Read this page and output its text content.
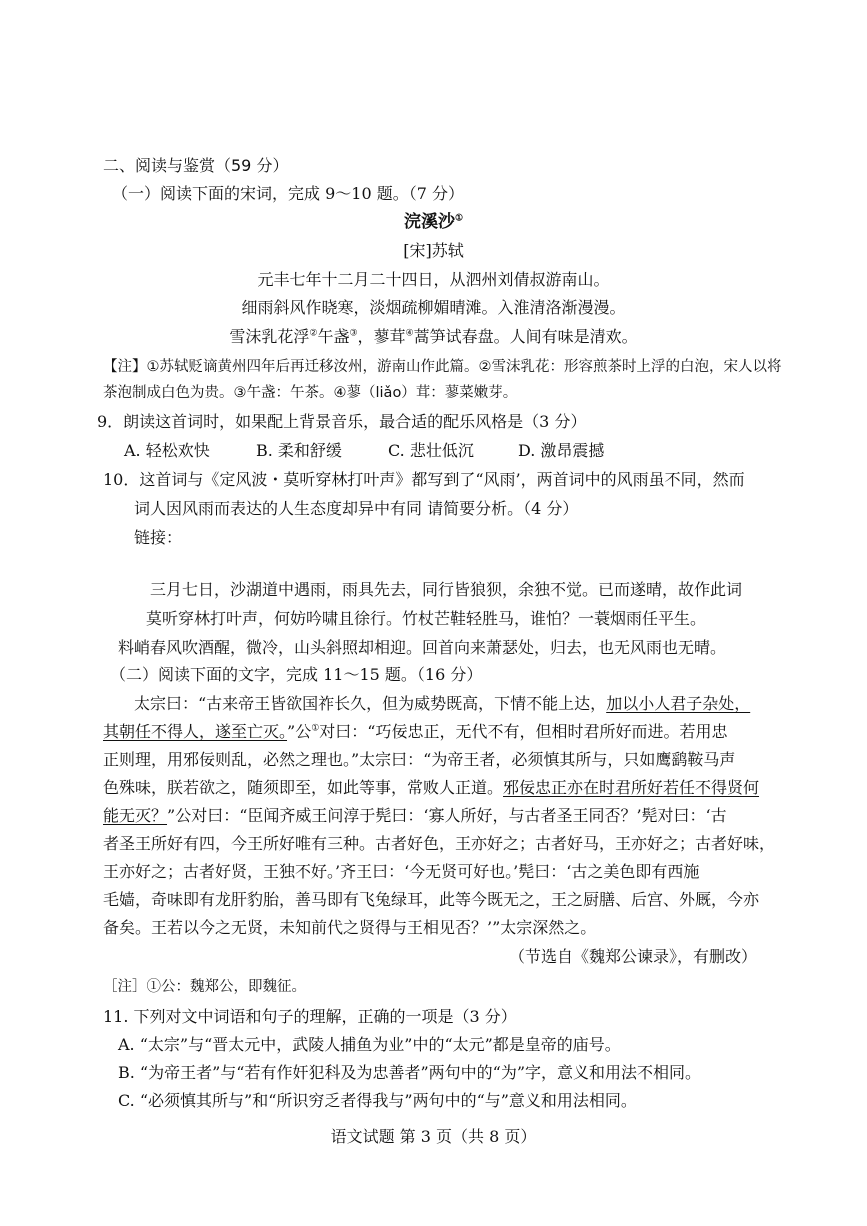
二、阅读与鉴赏（59 分）
（一）阅读下面的宋词，完成 9～10 题。（7 分）
浣溪沙①
[宋]苏轼
元丰七年十二月二十四日，从泗州刘倩叔游南山。
细雨斜风作晓寒，淡烟疏柳媚晴滩。入淮清洛渐漫漫。
雪沫乳花浮②午盏③，蓼茸④蒿笋试春盘。人间有味是清欢。
【注】①苏轼贬谪黄州四年后再迁移汝州，游南山作此篇。②雪沫乳花：形容煎茶时上浮的白泡，宋人以将
茶泡制成白色为贵。③午盏：午茶。④蓼（liǎo）茸：蓼菜嫩芽。
9．朗读这首词时，如果配上背景音乐，最合适的配乐风格是（3 分）
A. 轻松欢快	B. 柔和舒缓	C. 悲壮低沉	D. 激昂震撼
10．这首词与《定风波・莫听穿林打叶声》都写到了“风雨’，两首词中的风雨虽不同，然而
词人因风雨而表达的人生态度却异中有同 请简要分析。（4 分）
链接：
三月七日，沙湖道中遇雨，雨具先去，同行皆狼狈，余独不觉。已而遂晴，故作此词
莫听穿林打叶声，何妨吟啸且徐行。竹杖芒鞋轻胜马，谁怕？一蓑烟雨任平生。
料峭春风吹酒醒，微冷，山头斜照却相迎。回首向来萧瑟处，归去，也无风雨也无晴。
（二）阅读下面的文字，完成 11～15 题。（16 分）
太宗曰：“古来帝王皆欲国祚长久，但为威势既高，下情不能上达，加以小人君子杂处，
其朝任不得人，遂至亡灭。”公①对曰：“巧佞忠正，无代不有，但相时君所好而进。若用忠
正则理，用邪佞则乱，必然之理也。”太宗曰：“为帝王者，必须慎其所与，只如鹰鹞鞍马声
色殊味，朕若欲之，随须即至，如此等事，常败人正道。邪佞忠正亦在时君所好若任不得贤何
能无灭？”公对曰：“臣闻齐威王问淳于髡曰：‘寡人所好，与古者圣王同否？’髡对曰：‘古
者圣王所好有四，今王所好唯有三种。古者好色，王亦好之；古者好马，王亦好之；古者好味，
王亦好之；古者好贤，王独不好。’齐王曰：‘今无贤可好也。’髡曰：‘古之美色即有西施
毛嫱，奇味即有龙肝豹胎，善马即有飞兔绿耳，此等今既无之，王之厨膳、后宫、外厩，今亦
备矣。王若以今之无贤，未知前代之贤得与王相见否？’”太宗深然之。
（节选自《魏郑公谏录》，有删改）
［注］①公：魏郑公，即魏征。
11. 下列对文中词语和句子的理解，正确的一项是（3 分）
A. “太宗”与“晋太元中，武陵人捕鱼为业”中的“太元”都是皇帝的庙号。
B. “为帝王者”与“若有作奸犯科及为忠善者”两句中的“为”字，意义和用法不相同。
C. “必须慎其所与”和“所识穷乏者得我与”两句中的“与”意义和用法相同。
语文试题 第 3 页（共 8 页）
